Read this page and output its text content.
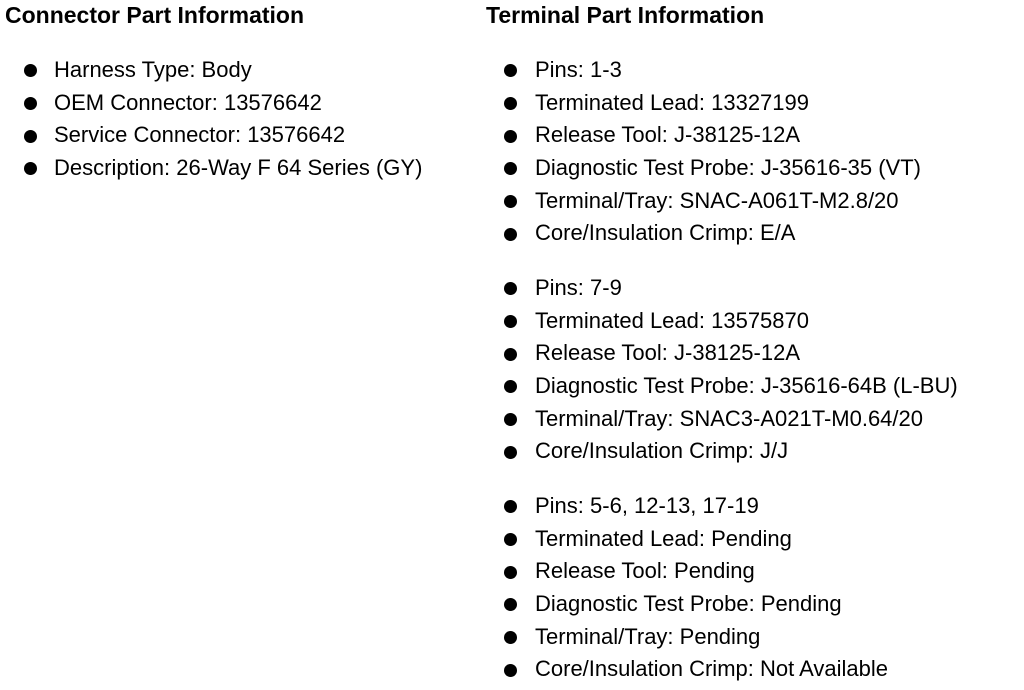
Connector Part Information	Terminal Part Information
Harness Type: Body
OEM Connector: 13576642
Service Connector: 13576642
Description: 26-Way F 64 Series (GY)
Pins: 1-3
Terminated Lead: 13327199
Release Tool: J-38125-12A
Diagnostic Test Probe: J-35616-35 (VT)
Terminal/Tray: SNAC-A061T-M2.8/20
Core/Insulation Crimp: E/A
Pins: 7-9
Terminated Lead: 13575870
Release Tool: J-38125-12A
Diagnostic Test Probe: J-35616-64B (L-BU)
Terminal/Tray: SNAC3-A021T-M0.64/20
Core/Insulation Crimp: J/J
Pins: 5-6, 12-13, 17-19
Terminated Lead: Pending
Release Tool: Pending
Diagnostic Test Probe: Pending
Terminal/Tray: Pending
Core/Insulation Crimp: Not Available
